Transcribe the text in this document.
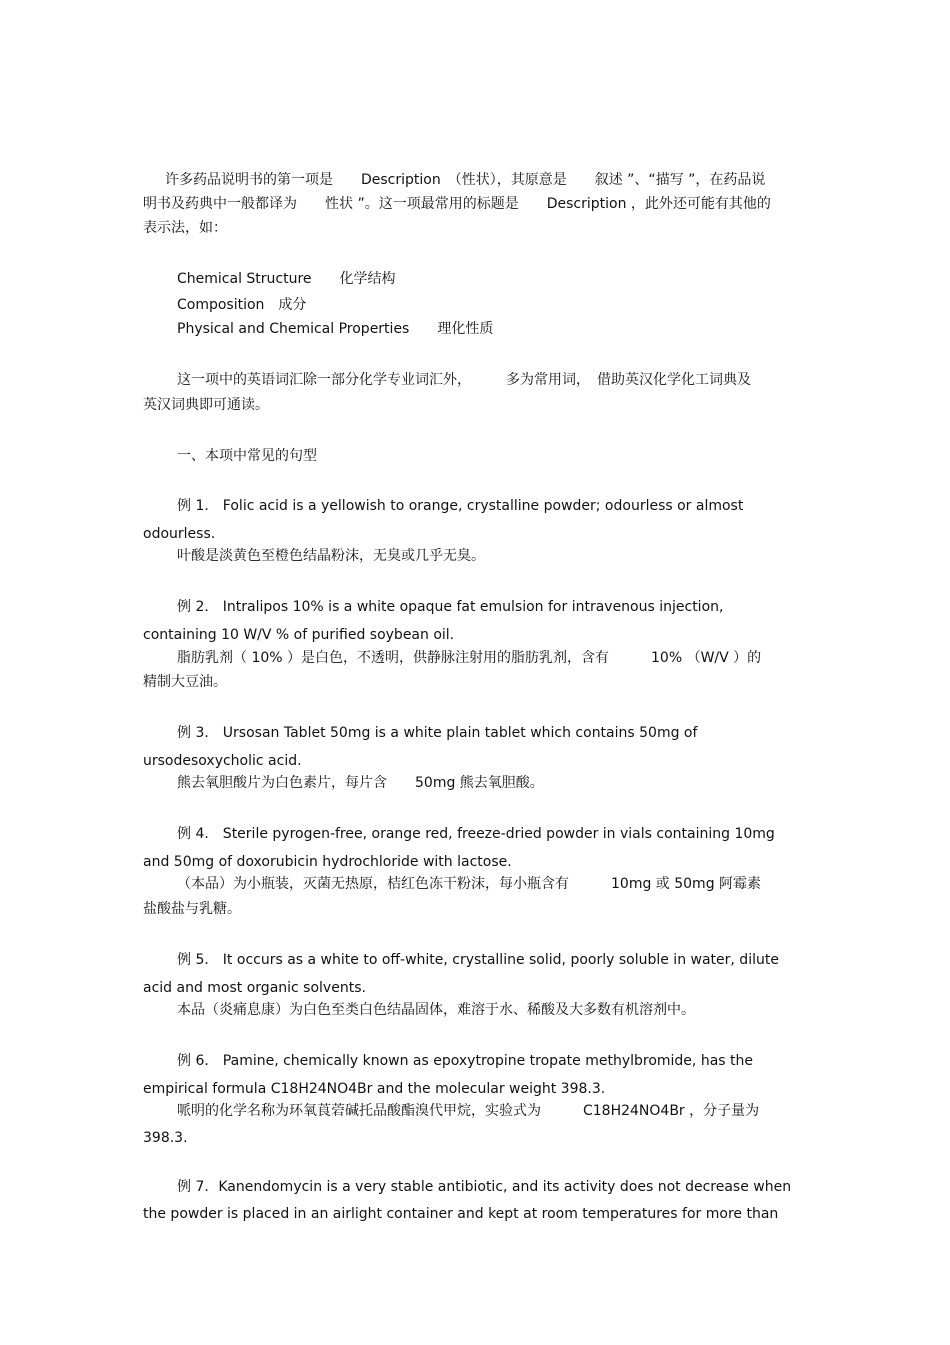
许多药品说明书的第一项是　　Description　（性状），其原意是　　叙述 ”、“描写 ”，在药品说
明书及药典中一般都译为　　性状 ”。这一项最常用的标题是　　Description ，此外还可能有其他的
表示法，如：
Chemical Structure　　化学结构
Composition　成分
Physical and Chemical Properties　　理化性质
这一项中的英语词汇除一部分化学专业词汇外，　　　多为常用词，　借助英汉化学化工词典及
英汉词典即可通读。
一、本项中常见的句型
例 1． Folic acid is a yellowish to orange, crystalline powder; odourless or almost
odourless.
叶酸是淡黄色至橙色结晶粉沫，无臭或几乎无臭。
例 2． Intralipos 10% is a white opaque fat emulsion for intravenous injection,
containing 10 W/V % of purified soybean oil.
脂肪乳剂（ 10% ）是白色，不透明，供静脉注射用的脂肪乳剂，含有　　　10% （W/V ）的
精制大豆油。
例 3． Ursosan Tablet 50mg is a white plain tablet which contains 50mg of
ursodesoxycholic acid.
熊去氧胆酸片为白色素片，每片含　　50mg 熊去氧胆酸。
例 4． Sterile pyrogen-free, orange red, freeze-dried powder in vials containing 10mg
and 50mg of doxorubicin hydrochloride with lactose.
（本品）为小瓶装，灭菌无热原，桔红色冻干粉沫，每小瓶含有　　　10mg 或 50mg 阿霉素
盐酸盐与乳糖。
例 5． It occurs as a white to off-white, crystalline solid, poorly soluble in water, dilute
acid and most organic solvents.
本品（炎痛息康）为白色至类白色结晶固体，难溶于水、稀酸及大多数有机溶剂中。
例 6． Pamine, chemically known as epoxytropine tropate methylbromide, has the
empirical formula C18H24NO4Br and the molecular weight 398.3.
哌明的化学名称为环氧莨菪碱托品酸酯溴代甲烷，实验式为　　　C18H24NO4Br ，分子量为
398.3.
例 7．Kanendomycin is a very stable antibiotic, and its activity does not decrease when
the powder is placed in an airlight container and kept at room temperatures for more than
